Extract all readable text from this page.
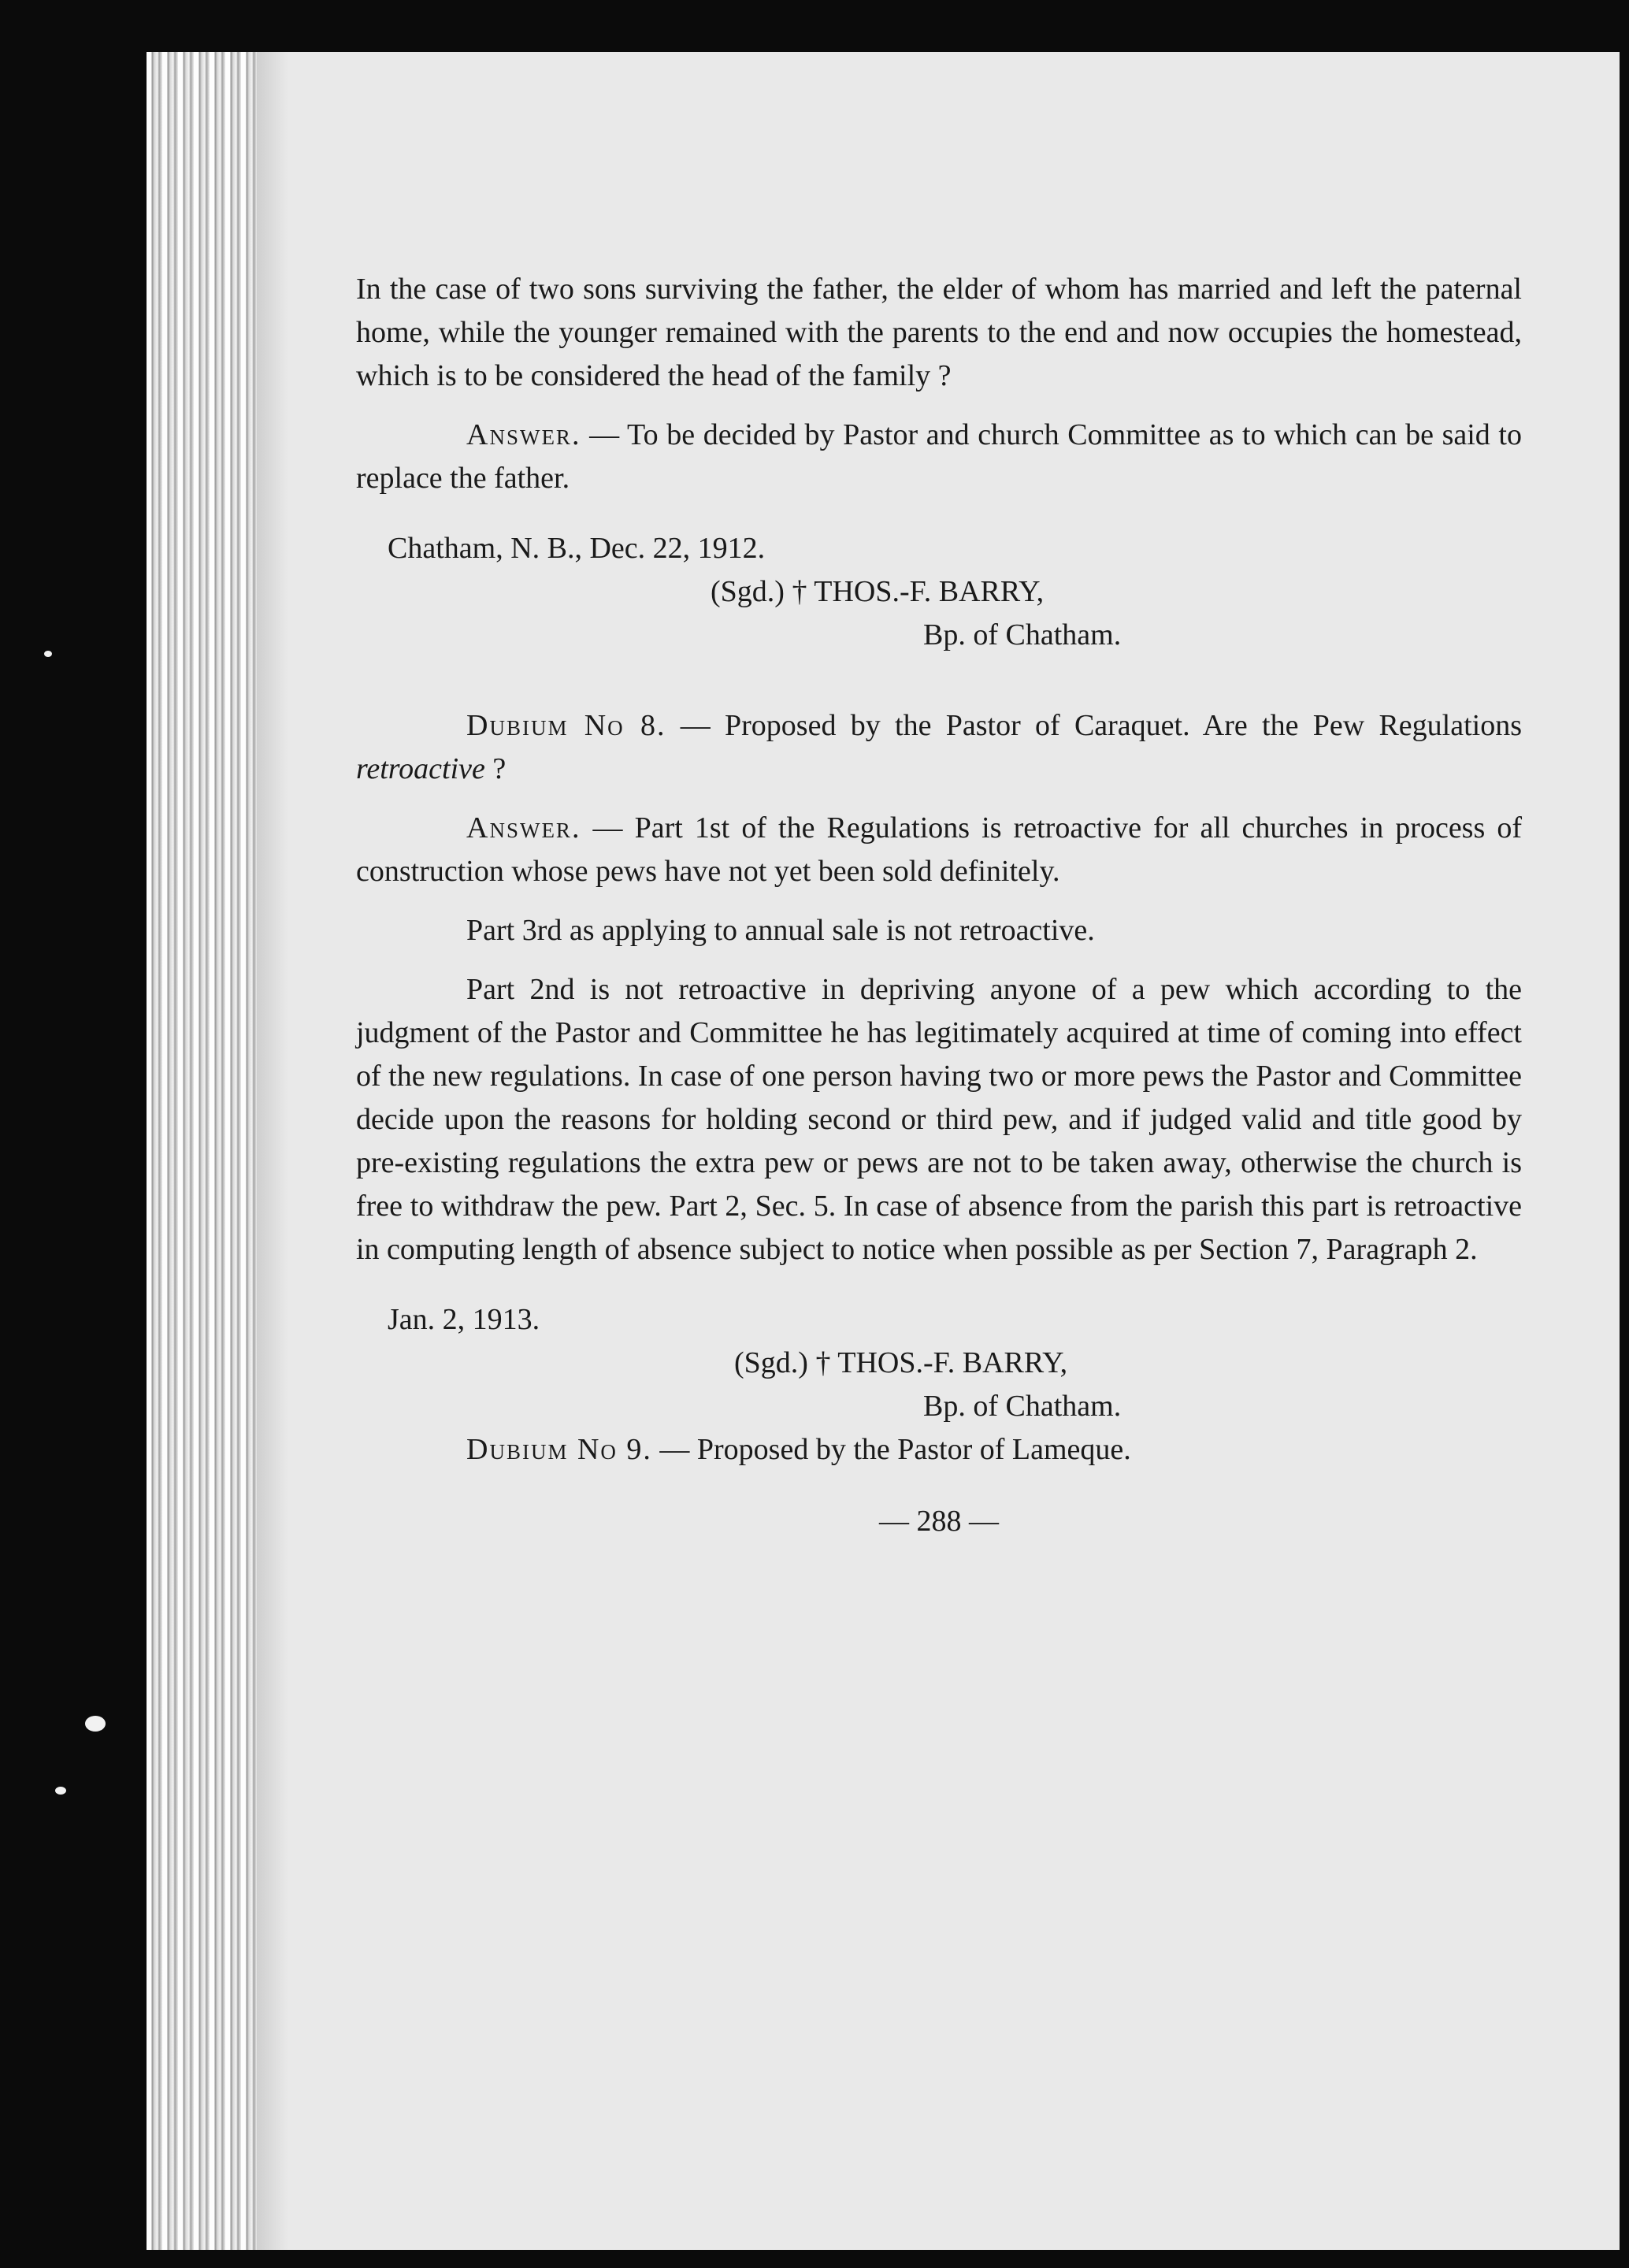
In the case of two sons surviving the father, the elder of whom has married and left the paternal home, while the younger remained with the parents to the end and now occupies the homestead, which is to be considered the head of the family ?

Answer. — To be decided by Pastor and church Committee as to which can be said to replace the father.

Chatham, N. B., Dec. 22, 1912.

(Sgd.) † THOS.-F. BARRY,

Bp. of Chatham.

Dubium No 8. — Proposed by the Pastor of Caraquet. Are the Pew Regulations retroactive ?

Answer. — Part 1st of the Regulations is retroactive for all churches in process of construction whose pews have not yet been sold definitely.

Part 3rd as applying to annual sale is not retroactive.

Part 2nd is not retroactive in depriving anyone of a pew which according to the judgment of the Pastor and Committee he has legitimately acquired at time of coming into effect of the new regulations. In case of one person having two or more pews the Pastor and Committee decide upon the reasons for holding second or third pew, and if judged valid and title good by pre-existing regulations the extra pew or pews are not to be taken away, otherwise the church is free to withdraw the pew. Part 2, Sec. 5. In case of absence from the parish this part is retroactive in computing length of absence subject to notice when possible as per Section 7, Paragraph 2.

Jan. 2, 1913.

(Sgd.) † THOS.-F. BARRY,

Bp. of Chatham.

Dubium No 9. — Proposed by the Pastor of Lameque.

— 288 —
